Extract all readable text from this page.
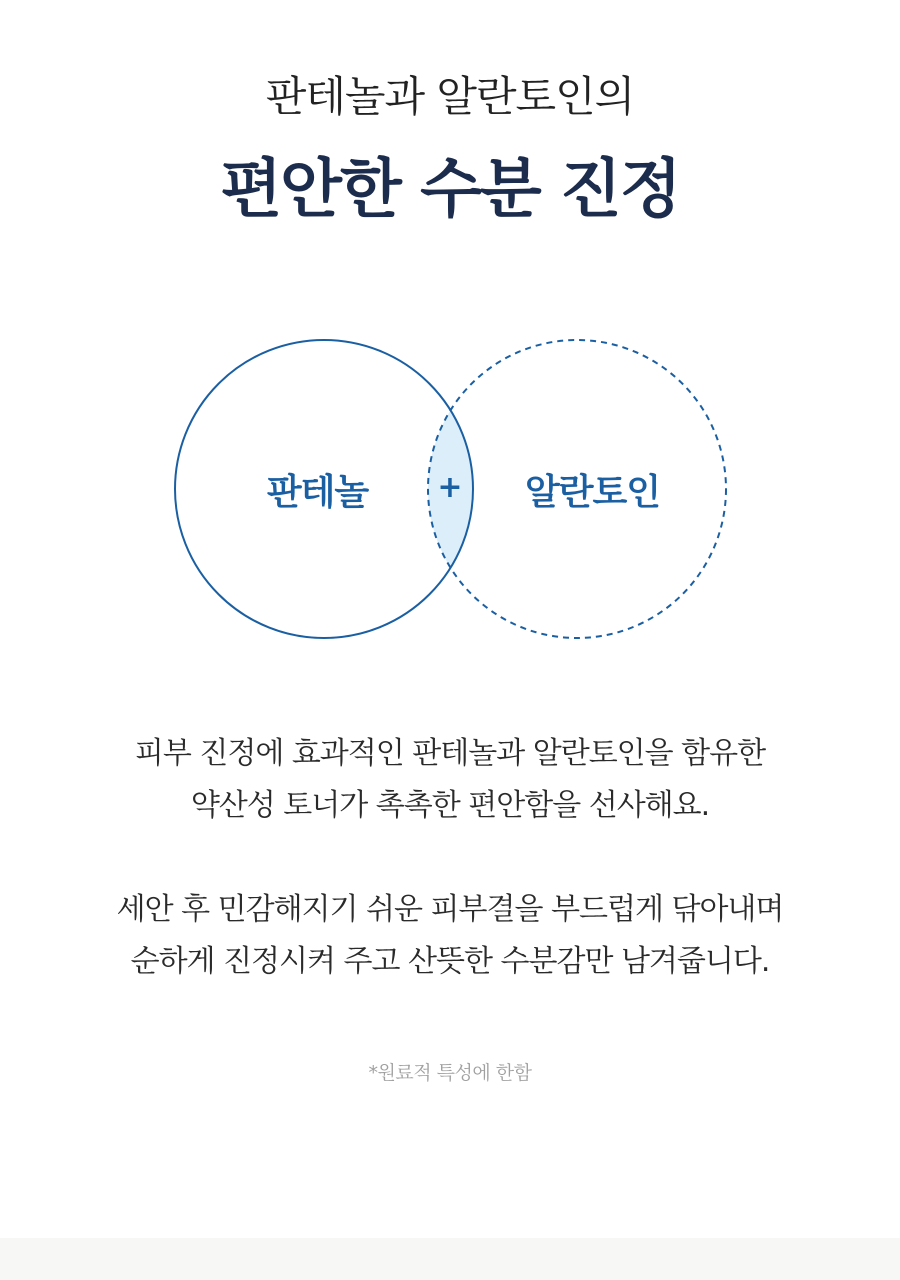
판테놀과 알란토인의
편안한 수분 진정
판테놀	+	알란토인

피부 진정에 효과적인 판테놀과 알란토인을 함유한

약산성 토너가 촉촉한 편안함을 선사해요.

세안 후 민감해지기 쉬운 피부결을 부드럽게 닦아내며

순하게 진정시켜 주고 산뜻한 수분감만 남겨줍니다.

*원료적 특성에 한함
